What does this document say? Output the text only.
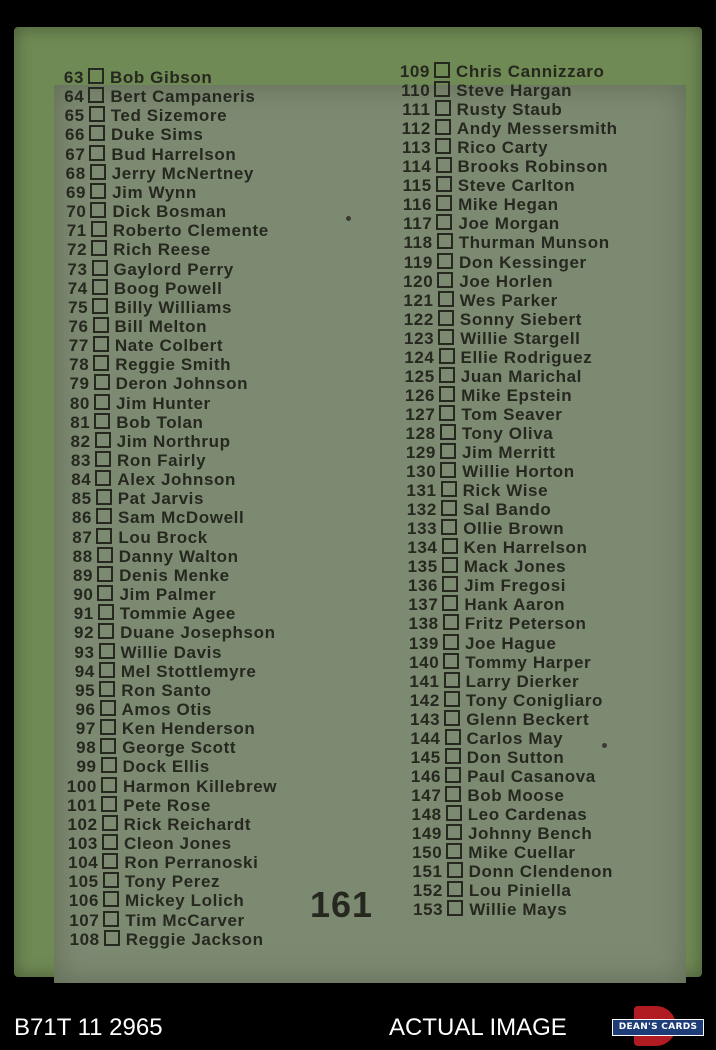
63 Bob Gibson
64 Bert Campaneris
65 Ted Sizemore
66 Duke Sims
67 Bud Harrelson
68 Jerry McNertney
69 Jim Wynn
70 Dick Bosman
71 Roberto Clemente
72 Rich Reese
73 Gaylord Perry
74 Boog Powell
75 Billy Williams
76 Bill Melton
77 Nate Colbert
78 Reggie Smith
79 Deron Johnson
80 Jim Hunter
81 Bob Tolan
82 Jim Northrup
83 Ron Fairly
84 Alex Johnson
85 Pat Jarvis
86 Sam McDowell
87 Lou Brock
88 Danny Walton
89 Denis Menke
90 Jim Palmer
91 Tommie Agee
92 Duane Josephson
93 Willie Davis
94 Mel Stottlemyre
95 Ron Santo
96 Amos Otis
97 Ken Henderson
98 George Scott
99 Dock Ellis
100 Harmon Killebrew
101 Pete Rose
102 Rick Reichardt
103 Cleon Jones
104 Ron Perranoski
105 Tony Perez
106 Mickey Lolich
107 Tim McCarver
108 Reggie Jackson
109 Chris Cannizzaro
110 Steve Hargan
111 Rusty Staub
112 Andy Messersmith
113 Rico Carty
114 Brooks Robinson
115 Steve Carlton
116 Mike Hegan
117 Joe Morgan
118 Thurman Munson
119 Don Kessinger
120 Joe Horlen
121 Wes Parker
122 Sonny Siebert
123 Willie Stargell
124 Ellie Rodriguez
125 Juan Marichal
126 Mike Epstein
127 Tom Seaver
128 Tony Oliva
129 Jim Merritt
130 Willie Horton
131 Rick Wise
132 Sal Bando
133 Ollie Brown
134 Ken Harrelson
135 Mack Jones
136 Jim Fregosi
137 Hank Aaron
138 Fritz Peterson
139 Joe Hague
140 Tommy Harper
141 Larry Dierker
142 Tony Conigliaro
143 Glenn Beckert
144 Carlos May
145 Don Sutton
146 Paul Casanova
147 Bob Moose
148 Leo Cardenas
149 Johnny Bench
150 Mike Cuellar
151 Donn Clendenon
152 Lou Piniella
153 Willie Mays
161
B71T 11 2965	ACTUAL IMAGE	DEAN'S CARDS
